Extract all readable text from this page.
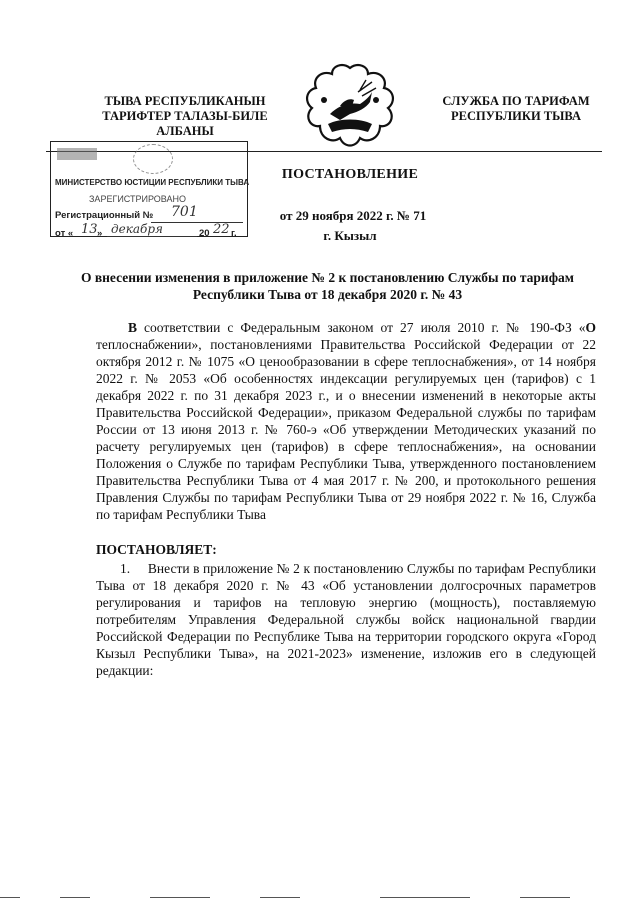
ТЫВА РЕСПУБЛИКАНЫН ТАРИФТЕР ТАЛАЗЫ-БИЛЕ АЛБАНЫ
СЛУЖБА ПО ТАРИФАМ РЕСПУБЛИКИ ТЫВА
МИНИСТЕРСТВО ЮСТИЦИИ РЕСПУБЛИКИ ТЫВА
ЗАРЕГИСТРИРОВАНО
Регистрационный № 701
от « 13 » декабря	20 22 г.
ПОСТАНОВЛЕНИЕ
от 29 ноября 2022 г. № 71
г. Кызыл
О внесении изменения в приложение № 2 к постановлению Службы по тарифам Республики Тыва от 18 декабря 2020 г. № 43
В соответствии с Федеральным законом от 27 июля 2010 г. № 190-ФЗ «О теплоснабжении», постановлениями Правительства Российской Федерации от 22 октября 2012 г. № 1075 «О ценообразовании в сфере теплоснабжения», от 14 ноября 2022 г. № 2053 «Об особенностях индексации регулируемых цен (тарифов) с 1 декабря 2022 г. по 31 декабря 2023 г., и о внесении изменений в некоторые акты Правительства Российской Федерации», приказом Федеральной службы по тарифам России от 13 июня 2013 г. № 760-э «Об утверждении Методических указаний по расчету регулируемых цен (тарифов) в сфере теплоснабжения», на основании Положения о Службе по тарифам Республики Тыва, утвержденного постановлением Правительства Республики Тыва от 4 мая 2017 г. № 200, и протокольного решения Правления Службы по тарифам Республики Тыва от 29 ноября 2022 г. № 16, Служба по тарифам Республики Тыва
ПОСТАНОВЛЯЕТ:
1. Внести в приложение № 2 к постановлению Службы по тарифам Республики Тыва от 18 декабря 2020 г. № 43 «Об установлении долгосрочных параметров регулирования и тарифов на тепловую энергию (мощность), поставляемую потребителям Управления Федеральной службы войск национальной гвардии Российской Федерации по Республике Тыва на территории городского округа «Город Кызыл Республики Тыва», на 2021-2023» изменение, изложив его в следующей редакции:
